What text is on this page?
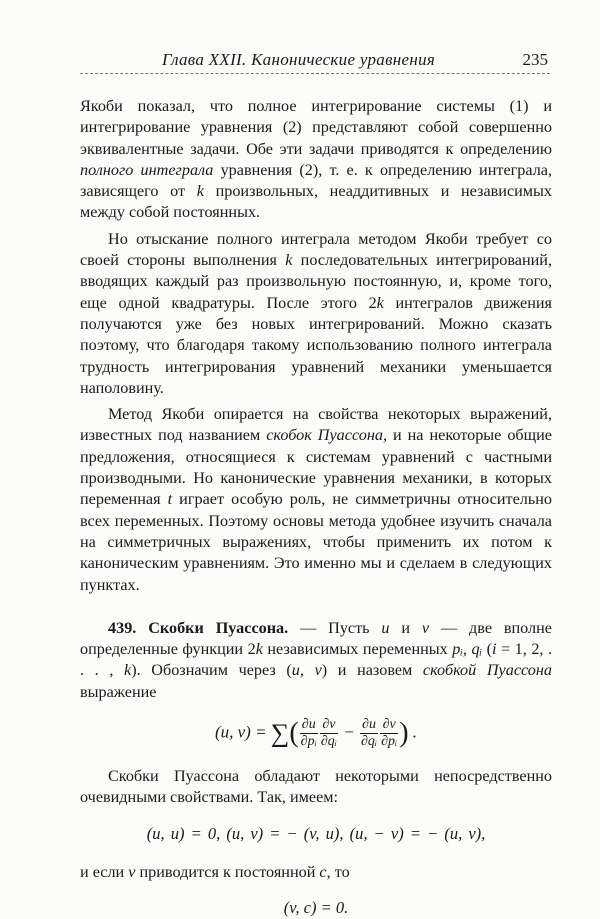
Глава XXII. Канонические уравнения	235

Якоби показал, что полное интегрирование системы (1) и интегрирование уравнения (2) представляют собой совершенно эквивалентные задачи. Обе эти задачи приводятся к определению полного интеграла уравнения (2), т. е. к определению интеграла, зависящего от k произвольных, неаддитивных и независимых между собой постоянных.

Но отыскание полного интеграла методом Якоби требует со своей стороны выполнения k последовательных интегрирований, вводящих каждый раз произвольную постоянную, и, кроме того, еще одной квадратуры. После этого 2k интегралов движения получаются уже без новых интегрирований. Можно сказать поэтому, что благодаря такому использованию полного интеграла трудность интегрирования уравнений механики уменьшается наполовину.

Метод Якоби опирается на свойства некоторых выражений, известных под названием скобок Пуассона, и на некоторые общие предложения, относящиеся к системам уравнений с частными производными. Но канонические уравнения механики, в которых переменная t играет особую роль, не симметричны относительно всех переменных. Поэтому основы метода удобнее изучить сначала на симметричных выражениях, чтобы применить их потом к каноническим уравнениям. Это именно мы и сделаем в следующих пунктах.

439. Скобки Пуассона. — Пусть u и v — две вполне определенные функции 2k независимых переменных pᵢ, qᵢ (i = 1, 2, . . . , k). Обозначим через (u, v) и назовем скобкой Пуассона выражение

(u, v) = ∑( $\frac{\partial u}{\text{∂pᵢ}} \frac{\partial v}{\text{∂qᵢ}} - \frac{\partial u}{\text{∂qᵢ}} \frac{\partial v}{\text{∂pᵢ}}$ ) .

Скобки Пуассона обладают некоторыми непосредственно очевидными свойствами. Так, имеем:

(u, u) = 0, (u, v) = − (v, u), (u, − v) = − (u, v),

и если v приводится к постоянной c, то

(v, c) = 0.
